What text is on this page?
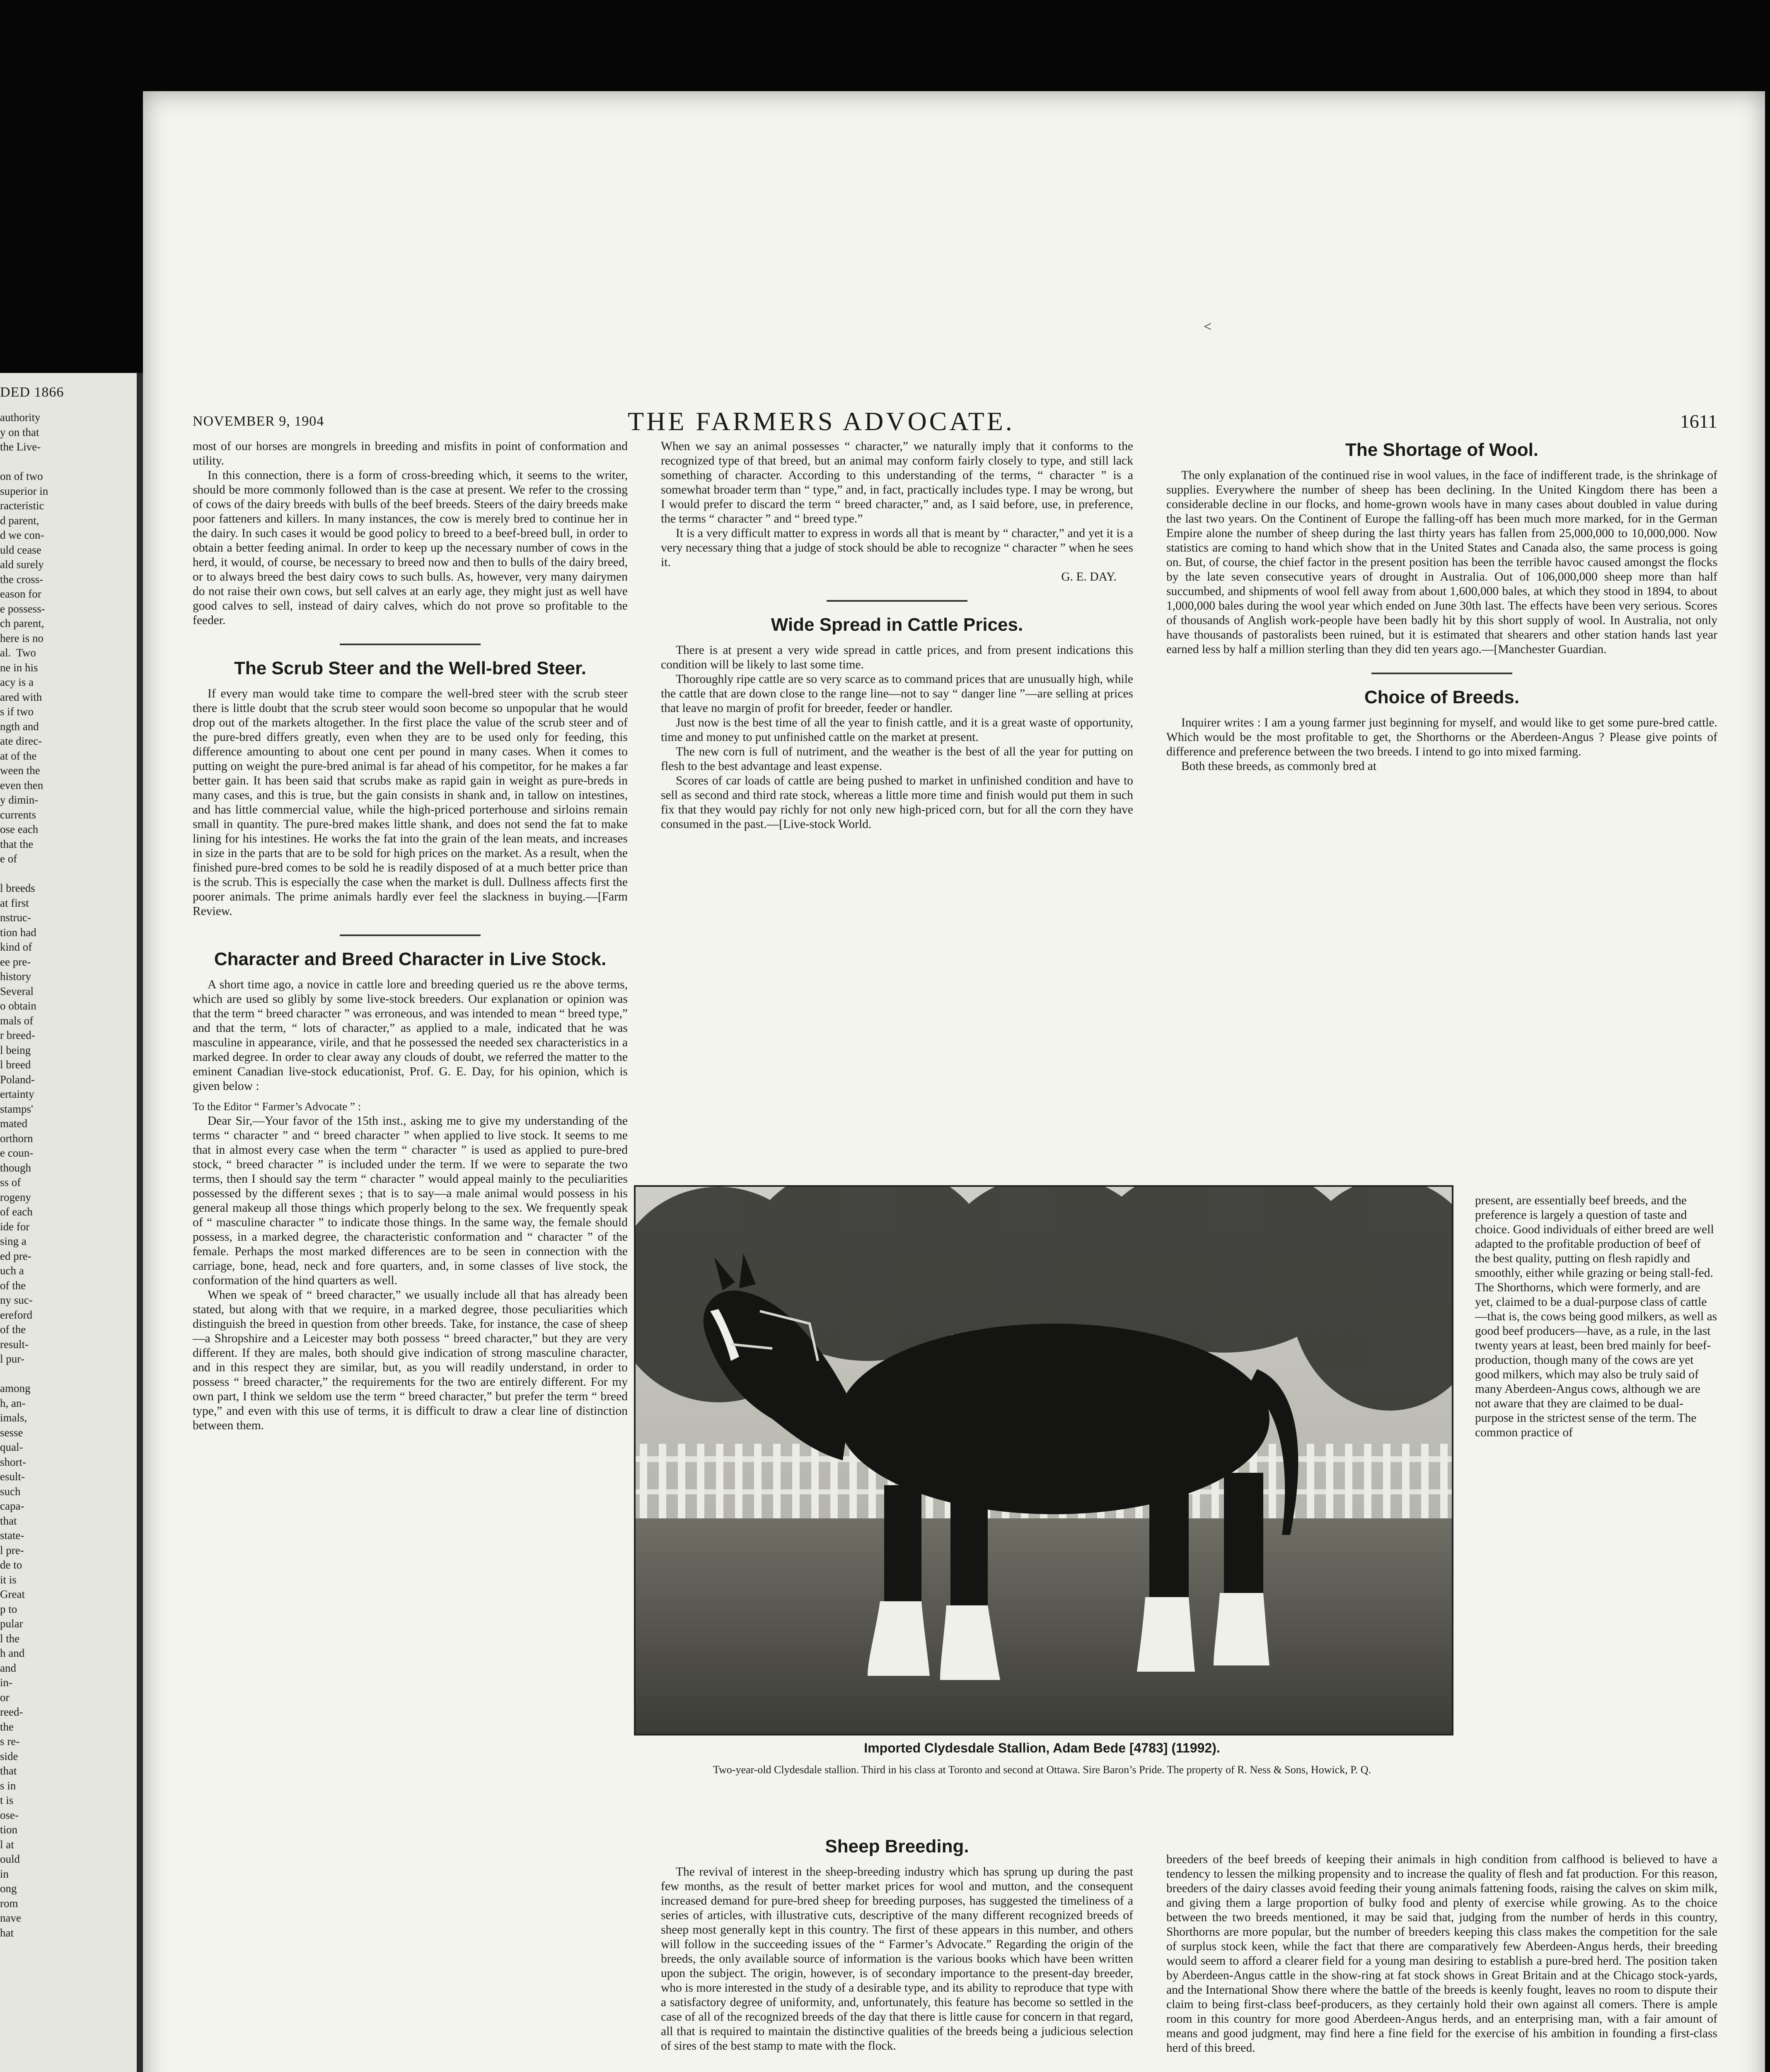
DED 1866
authority
y on that
the Live-

on of two
superior in
racteristic
d parent,
d we con-
uld cease
ald surely
the cross-
eason for
e possess-
ch parent,
here is no
al.  Two
ne in his
acy is a
ared with
s if two
ngth and
ate direc-
at of the
ween the
even then
y dimin-
currents
ose each
that the
e of

l breeds
at first
nstruc-
tion had
kind of
ee pre-
history
Several
o obtain
mals of
r breed-
l being
l breed
Poland-
ertainty
stamps'
mated
orthorn
e coun-
though
ss of
rogeny
of each
ide for
sing a
ed pre-
uch a
of the
ny suc-
ereford
of the
result-
l pur-

among
h, an-
imals,
sesse
qual-
short-
esult-
such
capa-
that
state-
l pre-
de to
it is
Great
p to
pular
l the
h and
and
in-
or
reed-
the
s re-
side
that
s in
t is
ose-
tion
l at
ould
in
ong
rom
nave
hat
NOVEMBER 9, 1904	THE FARMERS ADVOCATE.	1611

most of our horses are mongrels in breeding and misfits in point of conformation and utility.

In this connection, there is a form of cross-breeding which, it seems to the writer, should be more commonly followed than is the case at present. We refer to the crossing of cows of the dairy breeds with bulls of the beef breeds. Steers of the dairy breeds make poor fatteners and killers. In many instances, the cow is merely bred to continue her in the dairy. In such cases it would be good policy to breed to a beef-breed bull, in order to obtain a better feeding animal. In order to keep up the necessary number of cows in the herd, it would, of course, be necessary to breed now and then to bulls of the dairy breed, or to always breed the best dairy cows to such bulls. As, however, very many dairymen do not raise their own cows, but sell calves at an early age, they might just as well have good calves to sell, instead of dairy calves, which do not prove so profitable to the feeder.

The Scrub Steer and the Well-bred Steer.

If every man would take time to compare the well-bred steer with the scrub steer there is little doubt that the scrub steer would soon become so unpopular that he would drop out of the markets altogether. In the first place the value of the scrub steer and of the pure-bred differs greatly, even when they are to be used only for feeding, this difference amounting to about one cent per pound in many cases. When it comes to putting on weight the pure-bred animal is far ahead of his competitor, for he makes a far better gain. It has been said that scrubs make as rapid gain in weight as pure-breds in many cases, and this is true, but the gain consists in shank and, in tallow on intestines, and has little commercial value, while the high-priced porterhouse and sirloins remain small in quantity. The pure-bred makes little shank, and does not send the fat to make lining for his intestines. He works the fat into the grain of the lean meats, and increases in size in the parts that are to be sold for high prices on the market. As a result, when the finished pure-bred comes to be sold he is readily disposed of at a much better price than is the scrub. This is especially the case when the market is dull. Dullness affects first the poorer animals. The prime animals hardly ever feel the slackness in buying.—[Farm Review.

Character and Breed Character in Live Stock.

A short time ago, a novice in cattle lore and breeding queried us re the above terms, which are used so glibly by some live-stock breeders. Our explanation or opinion was that the term “ breed character ” was erroneous, and was intended to mean “ breed type,” and that the term, “ lots of character,” as applied to a male, indicated that he was masculine in appearance, virile, and that he possessed the needed sex characteristics in a marked degree. In order to clear away any clouds of doubt, we referred the matter to the eminent Canadian live-stock educationist, Prof. G. E. Day, for his opinion, which is given below :

To the Editor “ Farmer’s Advocate ” :

Dear Sir,—Your favor of the 15th inst., asking me to give my understanding of the terms “ character ” and “ breed character ” when applied to live stock. It seems to me that in almost every case when the term “ character ” is used as applied to pure-bred stock, “ breed character ” is included under the term. If we were to separate the two terms, then I should say the term “ character ” would appeal mainly to the peculiarities possessed by the different sexes ; that is to say—a male animal would possess in his general makeup all those things which properly belong to the sex. We frequently speak of “ masculine character ” to indicate those things. In the same way, the female should possess, in a marked degree, the characteristic conformation and “ character ” of the female. Perhaps the most marked differences are to be seen in connection with the carriage, bone, head, neck and fore quarters, and, in some classes of live stock, the conformation of the hind quarters as well.

When we speak of “ breed character,” we usually include all that has already been stated, but along with that we require, in a marked degree, those peculiarities which distinguish the breed in question from other breeds. Take, for instance, the case of sheep—a Shropshire and a Leicester may both possess “ breed character,” but they are very different. If they are males, both should give indication of strong masculine character, and in this respect they are similar, but, as you will readily understand, in order to possess “ breed character,” the requirements for the two are entirely different. For my own part, I think we seldom use the term “ breed character,” but prefer the term “ breed type,” and even with this use of terms, it is difficult to draw a clear line of distinction between them.

When we say an animal possesses “ character,” we naturally imply that it conforms to the recognized type of that breed, but an animal may conform fairly closely to type, and still lack something of character. According to this understanding of the terms, “ character ” is a somewhat broader term than “ type,” and, in fact, practically includes type. I may be wrong, but I would prefer to discard the term “ breed character,” and, as I said before, use, in preference, the terms “ character ” and “ breed type.”

It is a very difficult matter to express in words all that is meant by “ character,” and yet it is a very necessary thing that a judge of stock should be able to recognize “ character ” when he sees it.

G. E. DAY.

Wide Spread in Cattle Prices.

There is at present a very wide spread in cattle prices, and from present indications this condition will be likely to last some time.

Thoroughly ripe cattle are so very scarce as to command prices that are unusually high, while the cattle that are down close to the range line—not to say “ danger line ”—are selling at prices that leave no margin of profit for breeder, feeder or handler.

Just now is the best time of all the year to finish cattle, and it is a great waste of opportunity, time and money to put unfinished cattle on the market at present.

The new corn is full of nutriment, and the weather is the best of all the year for putting on flesh to the best advantage and least expense.

Scores of car loads of cattle are being pushed to market in unfinished condition and have to sell as second and third rate stock, whereas a little more time and finish would put them in such fix that they would pay richly for not only new high-priced corn, but for all the corn they have consumed in the past.—[Live-stock World.

The Shortage of Wool.

The only explanation of the continued rise in wool values, in the face of indifferent trade, is the shrinkage of supplies. Everywhere the number of sheep has been declining. In the United Kingdom there has been a considerable decline in our flocks, and home-grown wools have in many cases about doubled in value during the last two years. On the Continent of Europe the falling-off has been much more marked, for in the German Empire alone the number of sheep during the last thirty years has fallen from 25,000,000 to 10,000,000. Now statistics are coming to hand which show that in the United States and Canada also, the same process is going on. But, of course, the chief factor in the present position has been the terrible havoc caused amongst the flocks by the late seven consecutive years of drought in Australia. Out of 106,000,000 sheep more than half succumbed, and shipments of wool fell away from about 1,600,000 bales, at which they stood in 1894, to about 1,000,000 bales during the wool year which ended on June 30th last. The effects have been very serious. Scores of thousands of Anglish work-people have been badly hit by this short supply of wool. In Australia, not only have thousands of pastoralists been ruined, but it is estimated that shearers and other station hands last year earned less by half a million sterling than they did ten years ago.—[Manchester Guardian.

Choice of Breeds.

Inquirer writes : I am a young farmer just beginning for myself, and would like to get some pure-bred cattle. Which would be the most profitable to get, the Shorthorns or the Aberdeen-Angus ? Please give points of difference and preference between the two breeds. I intend to go into mixed farming.

Both these breeds, as commonly bred at

Imported Clydesdale Stallion, Adam Bede [4783] (11992).
Two-year-old Clydesdale stallion. Third in his class at Toronto and second at Ottawa. Sire Baron’s Pride. The property of R. Ness & Sons, Howick, P. Q.

present, are essentially beef breeds, and the preference is largely a question of taste and choice. Good individuals of either breed are well adapted to the profitable production of beef of the best quality, putting on flesh rapidly and smoothly, either while grazing or being stall-fed. The Shorthorns, which were formerly, and are yet, claimed to be a dual-purpose class of cattle—that is, the cows being good milkers, as well as good beef producers—have, as a rule, in the last twenty years at least, been bred mainly for beef-production, though many of the cows are yet good milkers, which may also be truly said of many Aberdeen-Angus cows, although we are not aware that they are claimed to be dual-purpose in the strictest sense of the term. The common practice of

Sheep Breeding.

The revival of interest in the sheep-breeding industry which has sprung up during the past few months, as the result of better market prices for wool and mutton, and the consequent increased demand for pure-bred sheep for breeding purposes, has suggested the timeliness of a series of articles, with illustrative cuts, descriptive of the many different recognized breeds of sheep most generally kept in this country. The first of these appears in this number, and others will follow in the succeeding issues of the “ Farmer’s Advocate.” Regarding the origin of the breeds, the only available source of information is the various books which have been written upon the subject. The origin, however, is of secondary importance to the present-day breeder, who is more interested in the study of a desirable type, and its ability to reproduce that type with a satisfactory degree of uniformity, and, unfortunately, this feature has become so settled in the case of all of the recognized breeds of the day that there is little cause for concern in that regard, all that is required to maintain the distinctive qualities of the breeds being a judicious selection of sires of the best stamp to mate with the flock.

breeders of the beef breeds of keeping their animals in high condition from calfhood is believed to have a tendency to lessen the milking propensity and to increase the quality of flesh and fat production. For this reason, breeders of the dairy classes avoid feeding their young animals fattening foods, raising the calves on skim milk, and giving them a large proportion of bulky food and plenty of exercise while growing. As to the choice between the two breeds mentioned, it may be said that, judging from the number of herds in this country, Shorthorns are more popular, but the number of breeders keeping this class makes the competition for the sale of surplus stock keen, while the fact that there are comparatively few Aberdeen-Angus herds, their breeding would seem to afford a clearer field for a young man desiring to establish a pure-bred herd. The position taken by Aberdeen-Angus cattle in the show-ring at fat stock shows in Great Britain and at the Chicago stock-yards, and the International Show there where the battle of the breeds is keenly fought, leaves no room to dispute their claim to being first-class beef-producers, as they certainly hold their own against all comers. There is ample room in this country for more good Aberdeen-Angus herds, and an enterprising man, with a fair amount of means and good judgment, may find here a fine field for the exercise of his ambition in founding a first-class herd of this breed.

<
